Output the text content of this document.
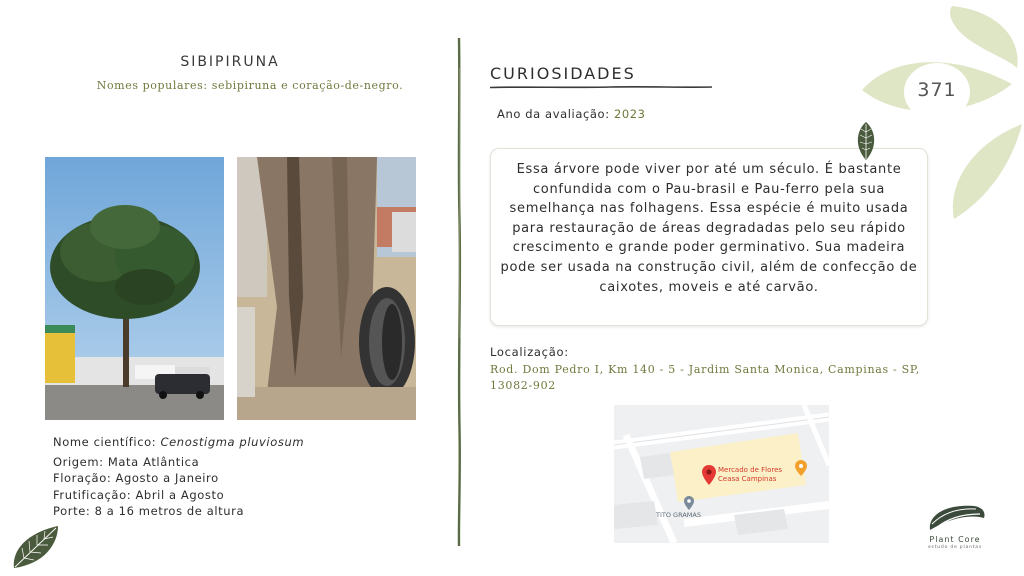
SIBIPIRUNA
Nomes populares: sebipiruna e coração-de-negro.
Nome científico: Cenostigma pluviosum
Origem: Mata Atlântica
Floração: Agosto a Janeiro
Frutificação: Abril a Agosto
Porte: 8 a 16 metros de altura
CURIOSIDADES
Ano da avaliação: 2023
Essa árvore pode viver por até um século. É bastante confundida com o Pau-brasil e Pau-ferro pela sua semelhança nas folhagens. Essa espécie é muito usada para restauração de áreas degradadas pelo seu rápido crescimento e grande poder germinativo. Sua madeira pode ser usada na construção civil, além de confecção de caixotes, moveis e até carvão.
Localização:
Rod. Dom Pedro I, Km 140 - 5 - Jardim Santa Monica, Campinas - SP, 13082-902
Mercado de Flores
Ceasa Campinas
TITO GRAMAS
371
Plant Core
estudo de plantas
